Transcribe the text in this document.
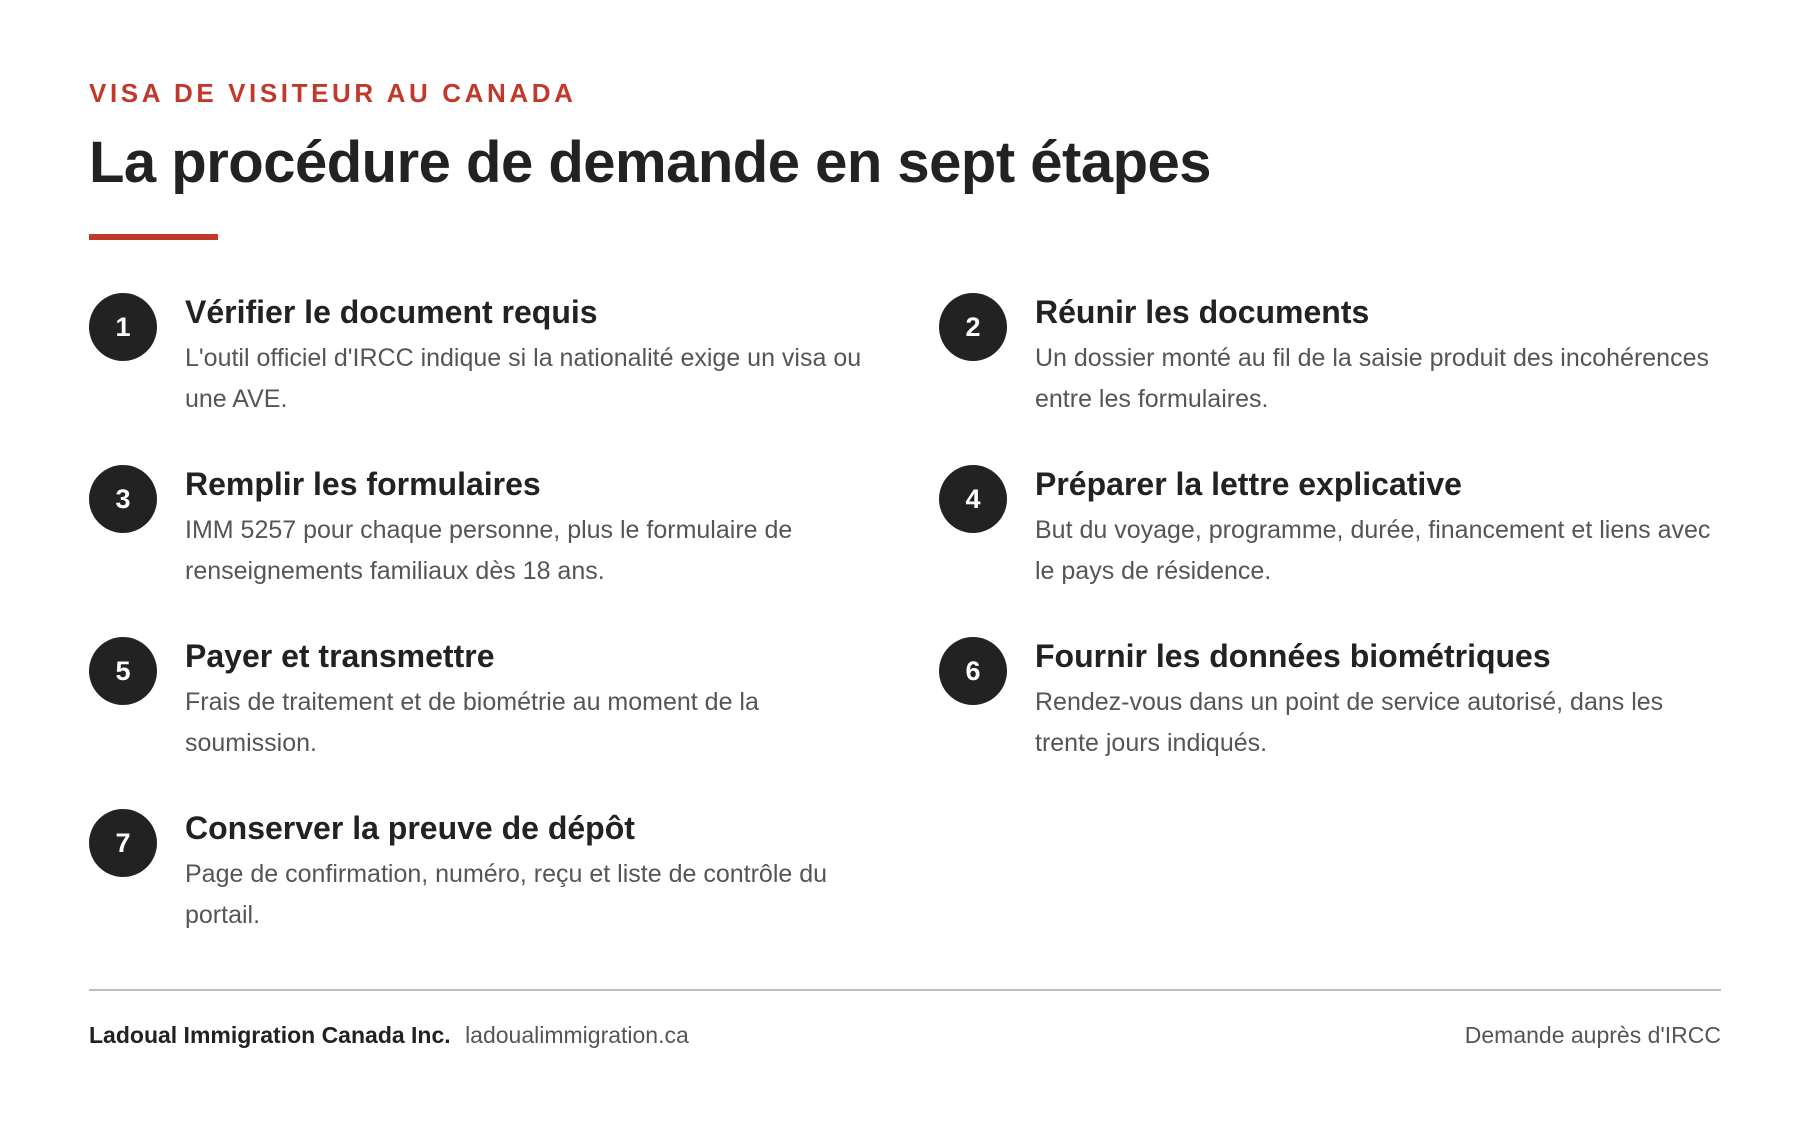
VISA DE VISITEUR AU CANADA
La procédure de demande en sept étapes
1	Vérifier le document requis

L'outil officiel d'IRCC indique si la nationalité exige un visa ou une AVE.

2	Réunir les documents

Un dossier monté au fil de la saisie produit des incohérences entre les formulaires.

3	Remplir les formulaires

IMM 5257 pour chaque personne, plus le formulaire de renseignements familiaux dès 18 ans.

4	Préparer la lettre explicative

But du voyage, programme, durée, financement et liens avec le pays de résidence.

5	Payer et transmettre

Frais de traitement et de biométrie au moment de la soumission.

6	Fournir les données biométriques

Rendez-vous dans un point de service autorisé, dans les trente jours indiqués.

7	Conserver la preuve de dépôt

Page de confirmation, numéro, reçu et liste de contrôle du portail.

Ladoual Immigration Canada Inc. ladoualimmigration.ca	Demande auprès d'IRCC
